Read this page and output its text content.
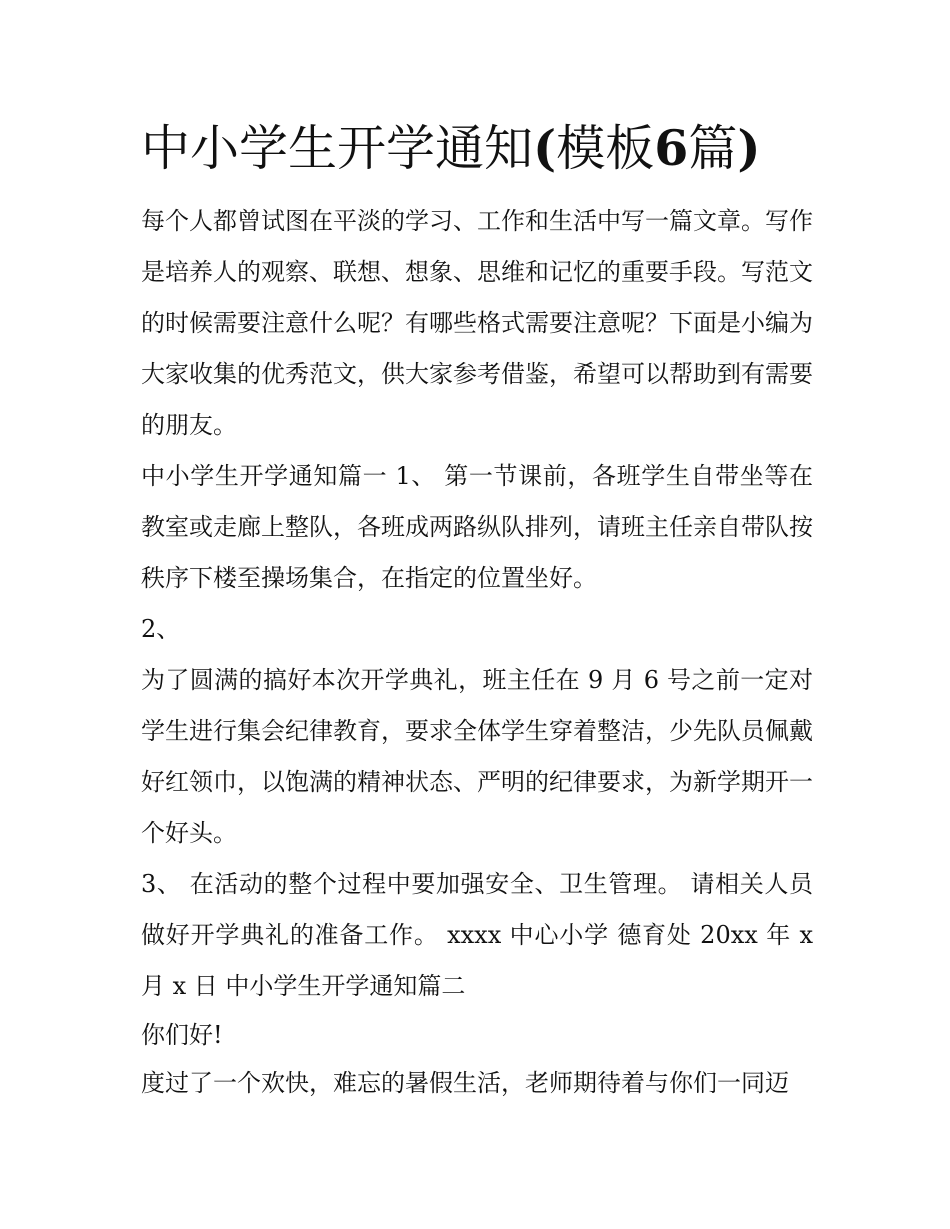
中小学生开学通知(模板6篇)

每个人都曾试图在平淡的学习、工作和生活中写一篇文章。写作是培养人的观察、联想、想象、思维和记忆的重要手段。写范文的时候需要注意什么呢？有哪些格式需要注意呢？下面是小编为大家收集的优秀范文，供大家参考借鉴，希望可以帮助到有需要的朋友。

中小学生开学通知篇一 1、 第一节课前，各班学生自带坐等在教室或走廊上整队，各班成两路纵队排列，请班主任亲自带队按秩序下楼至操场集合，在指定的位置坐好。

2、

为了圆满的搞好本次开学典礼，班主任在 9 月 6 号之前一定对学生进行集会纪律教育，要求全体学生穿着整洁，少先队员佩戴好红领巾，以饱满的精神状态、严明的纪律要求，为新学期开一个好头。

3、 在活动的整个过程中要加强安全、卫生管理。 请相关人员做好开学典礼的准备工作。 xxxx 中心小学 德育处 20xx 年 x 月 x 日 中小学生开学通知篇二

你们好!

度过了一个欢快，难忘的暑假生活，老师期待着与你们一同迈
